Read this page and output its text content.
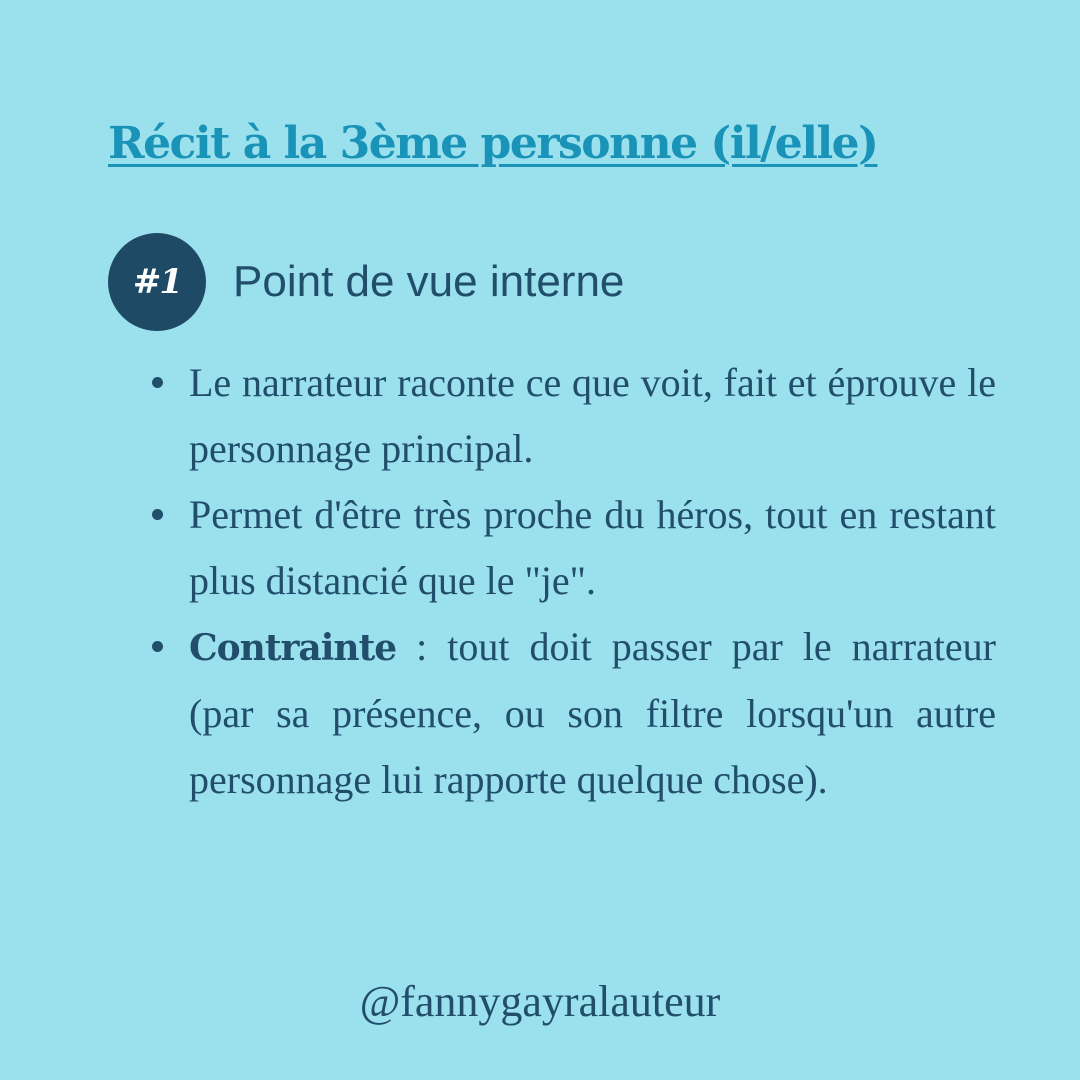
Récit à la 3ème personne (il/elle)
#1	Point de vue interne
Le narrateur raconte ce que voit, fait et éprouve le personnage principal.
Permet d'être très proche du héros, tout en restant plus distancié que le "je".
Contrainte : tout doit passer par le narrateur (par sa présence, ou son filtre lorsqu'un autre personnage lui rapporte quelque chose).
@fannygayralauteur
